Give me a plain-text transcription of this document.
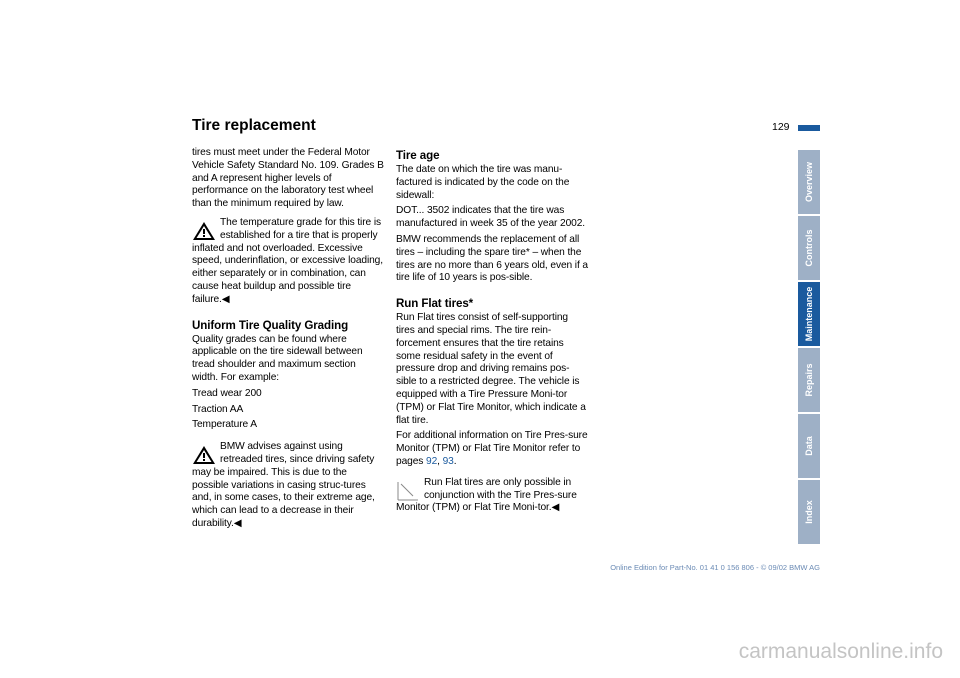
Tire replacement	129

tires must meet under the Federal Motor Vehicle Safety Standard No. 109. Grades B and A represent higher levels of performance on the laboratory test wheel than the minimum required by law.

The temperature grade for this tire is established for a tire that is properly inflated and not overloaded. Excessive speed, underinflation, or excessive loading, either separately or in combination, can cause heat buildup and possible tire failure.◀

Uniform Tire Quality Grading

Quality grades can be found where applicable on the tire sidewall between tread shoulder and maximum section width. For example:

Tread wear 200

Traction AA

Temperature A

BMW advises against using retreaded tires, since driving safety may be impaired. This is due to the possible variations in casing struc-tures and, in some cases, to their extreme age, which can lead to a decrease in their durability.◀

Tire age

The date on which the tire was manu-factured is indicated by the code on the sidewall:

DOT... 3502 indicates that the tire was manufactured in week 35 of the year 2002.

BMW recommends the replacement of all tires – including the spare tire* – when the tires are no more than 6 years old, even if a tire life of 10 years is pos-sible.

Run Flat tires*

Run Flat tires consist of self-supporting tires and special rims. The tire rein-forcement ensures that the tire retains some residual safety in the event of pressure drop and driving remains pos-sible to a restricted degree. The vehicle is equipped with a Tire Pressure Moni-tor (TPM) or Flat Tire Monitor, which indicate a flat tire.

For additional information on Tire Pres-sure Monitor (TPM) or Flat Tire Monitor refer to pages 92, 93.

Run Flat tires are only possible in conjunction with the Tire Pres-sure Monitor (TPM) or Flat Tire Moni-tor.◀

Overview
Controls
Maintenance
Repairs
Data
Index
Online Edition for Part-No. 01 41 0 156 806 - © 09/02 BMW AG
carmanualsonline.info
